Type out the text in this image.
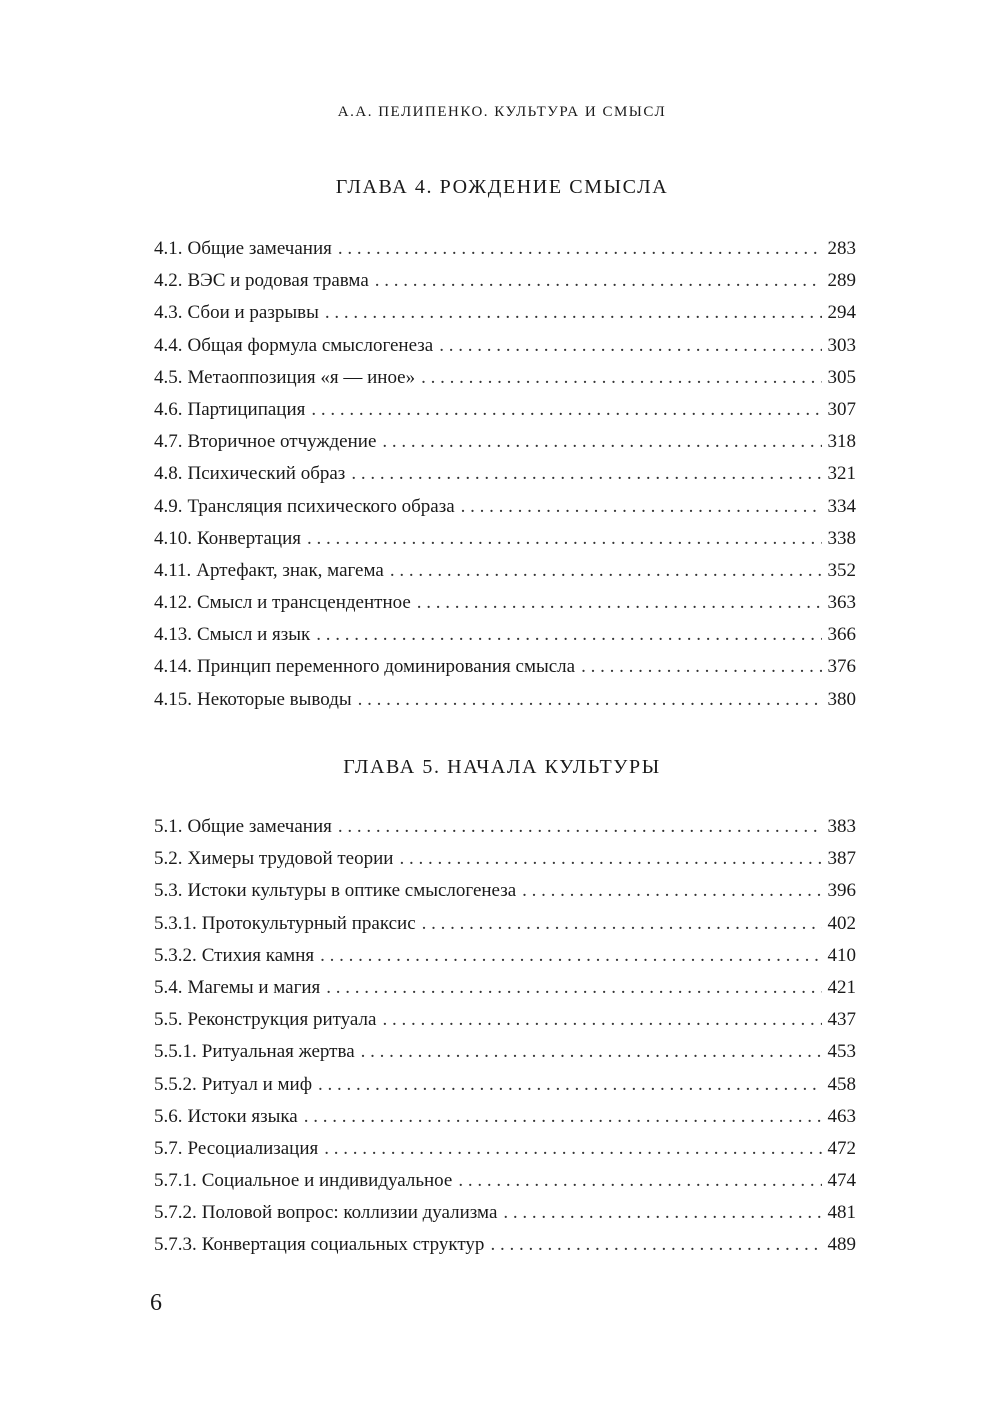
А.А. ПЕЛИПЕНКО. КУЛЬТУРА И СМЫСЛ
ГЛАВА 4. РОЖДЕНИЕ СМЫСЛА
4.1. Общие замечания . . .	283
4.2. ВЭС и родовая травма . . .	289
4.3. Сбои и разрывы . . .	294
4.4. Общая формула смыслогенеза . . .	303
4.5. Метаоппозиция «я — иное» . . .	305
4.6. Партиципация . . .	307
4.7. Вторичное отчуждение . . .	318
4.8. Психический образ . . .	321
4.9. Трансляция психического образа . . .	334
4.10. Конвертация . . .	338
4.11. Артефакт, знак, магема . . .	352
4.12. Смысл и трансцендентное . . .	363
4.13. Смысл и язык . . .	366
4.14. Принцип переменного доминирования смысла . . .	376
4.15. Некоторые выводы . . .	380
ГЛАВА 5. НАЧАЛА КУЛЬТУРЫ
5.1. Общие замечания . . .	383
5.2. Химеры трудовой теории . . .	387
5.3. Истоки культуры в оптике смыслогенеза . . .	396
5.3.1. Протокультурный праксис . . .	402
5.3.2. Стихия камня . . .	410
5.4. Магемы и магия . . .	421
5.5. Реконструкция ритуала . . .	437
5.5.1. Ритуальная жертва . . .	453
5.5.2. Ритуал и миф . . .	458
5.6. Истоки языка . . .	463
5.7. Ресоциализация . . .	472
5.7.1. Социальное и индивидуальное . . .	474
5.7.2. Половой вопрос: коллизии дуализма . . .	481
5.7.3. Конвертация социальных структур . . .	489
6
